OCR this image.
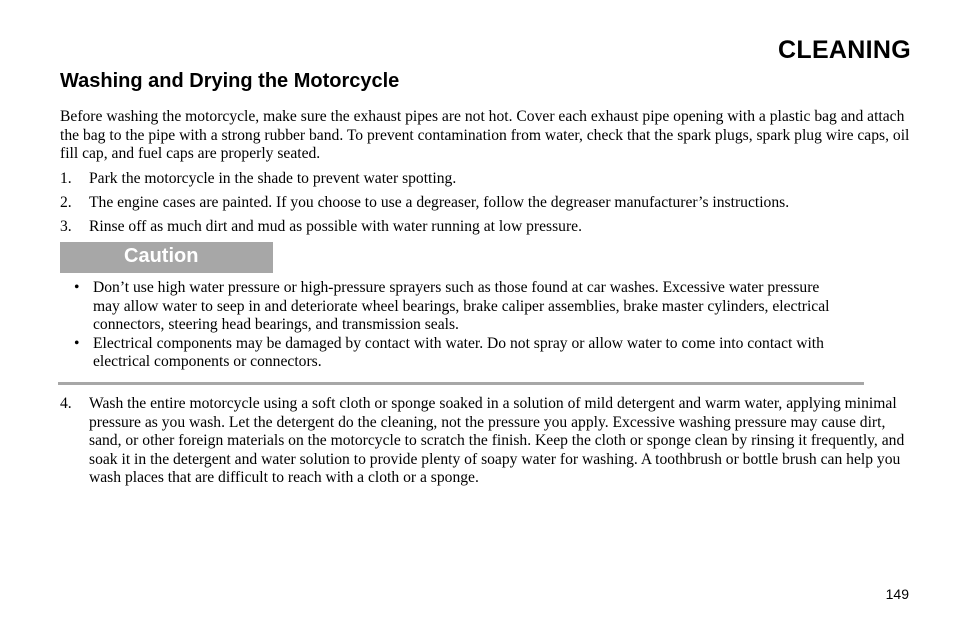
CLEANING
Washing and Drying the Motorcycle

Before washing the motorcycle, make sure the exhaust pipes are not hot. Cover each exhaust pipe opening with a plastic bag and attach the bag to the pipe with a strong rubber band. To prevent contamination from water, check that the spark plugs, spark plug wire caps, oil fill cap, and fuel caps are properly seated.

1.	Park the motorcycle in the shade to prevent water spotting.
2.	The engine cases are painted. If you choose to use a degreaser, follow the degreaser manufacturer’s instructions.
3.	Rinse off as much dirt and mud as possible with water running at low pressure.
Caution
• Don’t use high water pressure or high-pressure sprayers such as those found at car washes. Excessive water pressure may allow water to seep in and deteriorate wheel bearings, brake caliper assemblies, brake master cylinders, electrical connectors, steering head bearings, and transmission seals.
• Electrical components may be damaged by contact with water. Do not spray or allow water to come into contact with electrical components or connectors.
4.	Wash the entire motorcycle using a soft cloth or sponge soaked in a solution of mild detergent and warm water, applying minimal pressure as you wash. Let the detergent do the cleaning, not the pressure you apply. Excessive washing pressure may cause dirt, sand, or other foreign materials on the motorcycle to scratch the finish. Keep the cloth or sponge clean by rinsing it frequently, and soak it in the detergent and water solution to provide plenty of soapy water for washing. A toothbrush or bottle brush can help you wash places that are difficult to reach with a cloth or a sponge.
149
